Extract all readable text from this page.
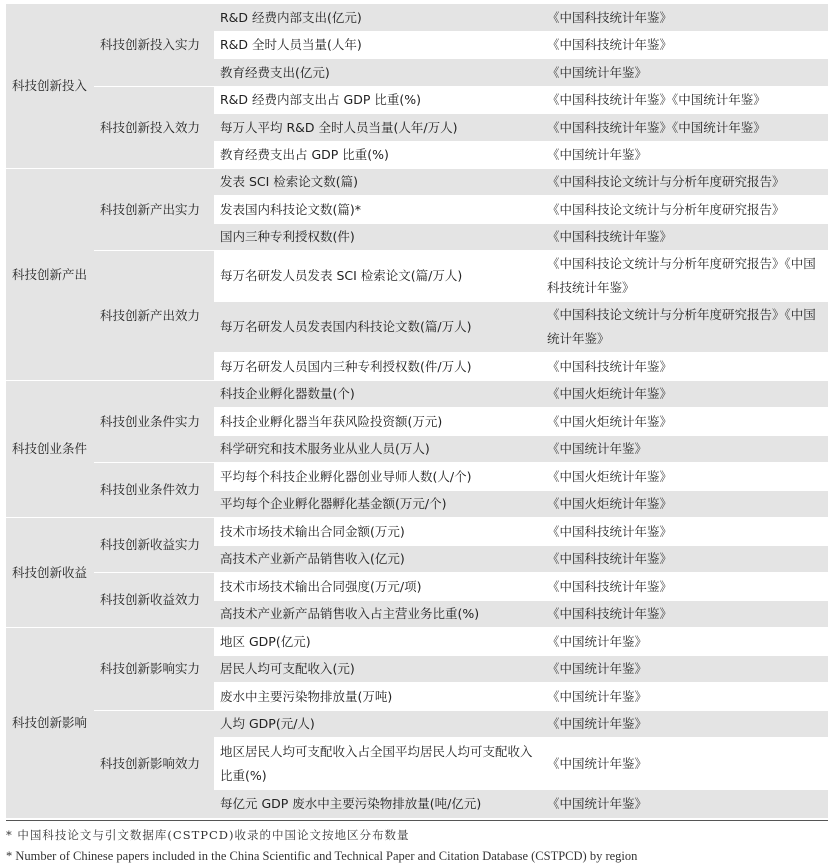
科技创新投入	科技创新投入实力	R&D 经费内部支出(亿元)	《中国科技统计年鉴》
		R&D 全时人员当量(人年)	《中国科技统计年鉴》
		教育经费支出(亿元)	《中国统计年鉴》
	科技创新投入效力	R&D 经费内部支出占 GDP 比重(%)	《中国科技统计年鉴》《中国统计年鉴》
		每万人平均 R&D 全时人员当量(人年/万人)	《中国科技统计年鉴》《中国统计年鉴》
		教育经费支出占 GDP 比重(%)	《中国统计年鉴》
科技创新产出	科技创新产出实力	发表 SCI 检索论文数(篇)	《中国科技论文统计与分析年度研究报告》
		发表国内科技论文数(篇)*	《中国科技论文统计与分析年度研究报告》
		国内三种专利授权数(件)	《中国科技统计年鉴》
	科技创新产出效力	每万名研发人员发表 SCI 检索论文(篇/万人)	《中国科技论文统计与分析年度研究报告》《中国科技统计年鉴》
		每万名研发人员发表国内科技论文数(篇/万人)	《中国科技论文统计与分析年度研究报告》《中国统计年鉴》
		每万名研发人员国内三种专利授权数(件/万人)	《中国科技统计年鉴》
科技创业条件	科技创业条件实力	科技企业孵化器数量(个)	《中国火炬统计年鉴》
		科技企业孵化器当年获风险投资额(万元)	《中国火炬统计年鉴》
		科学研究和技术服务业从业人员(万人)	《中国统计年鉴》
	科技创业条件效力	平均每个科技企业孵化器创业导师人数(人/个)	《中国火炬统计年鉴》
		平均每个企业孵化器孵化基金额(万元/个)	《中国火炬统计年鉴》
科技创新收益	科技创新收益实力	技术市场技术输出合同金额(万元)	《中国科技统计年鉴》
		高技术产业新产品销售收入(亿元)	《中国科技统计年鉴》
	科技创新收益效力	技术市场技术输出合同强度(万元/项)	《中国科技统计年鉴》
		高技术产业新产品销售收入占主营业务比重(%)	《中国科技统计年鉴》
科技创新影响	科技创新影响实力	地区 GDP(亿元)	《中国统计年鉴》
		居民人均可支配收入(元)	《中国统计年鉴》
		废水中主要污染物排放量(万吨)	《中国统计年鉴》
	科技创新影响效力	人均 GDP(元/人)	《中国统计年鉴》
		地区居民人均可支配收入占全国平均居民人均可支配收入比重(%)	《中国统计年鉴》
		每亿元 GDP 废水中主要污染物排放量(吨/亿元)	《中国统计年鉴》
* 中国科技论文与引文数据库(CSTPCD)收录的中国论文按地区分布数量
* Number of Chinese papers included in the China Scientific and Technical Paper and Citation Database (CSTPCD) by region
